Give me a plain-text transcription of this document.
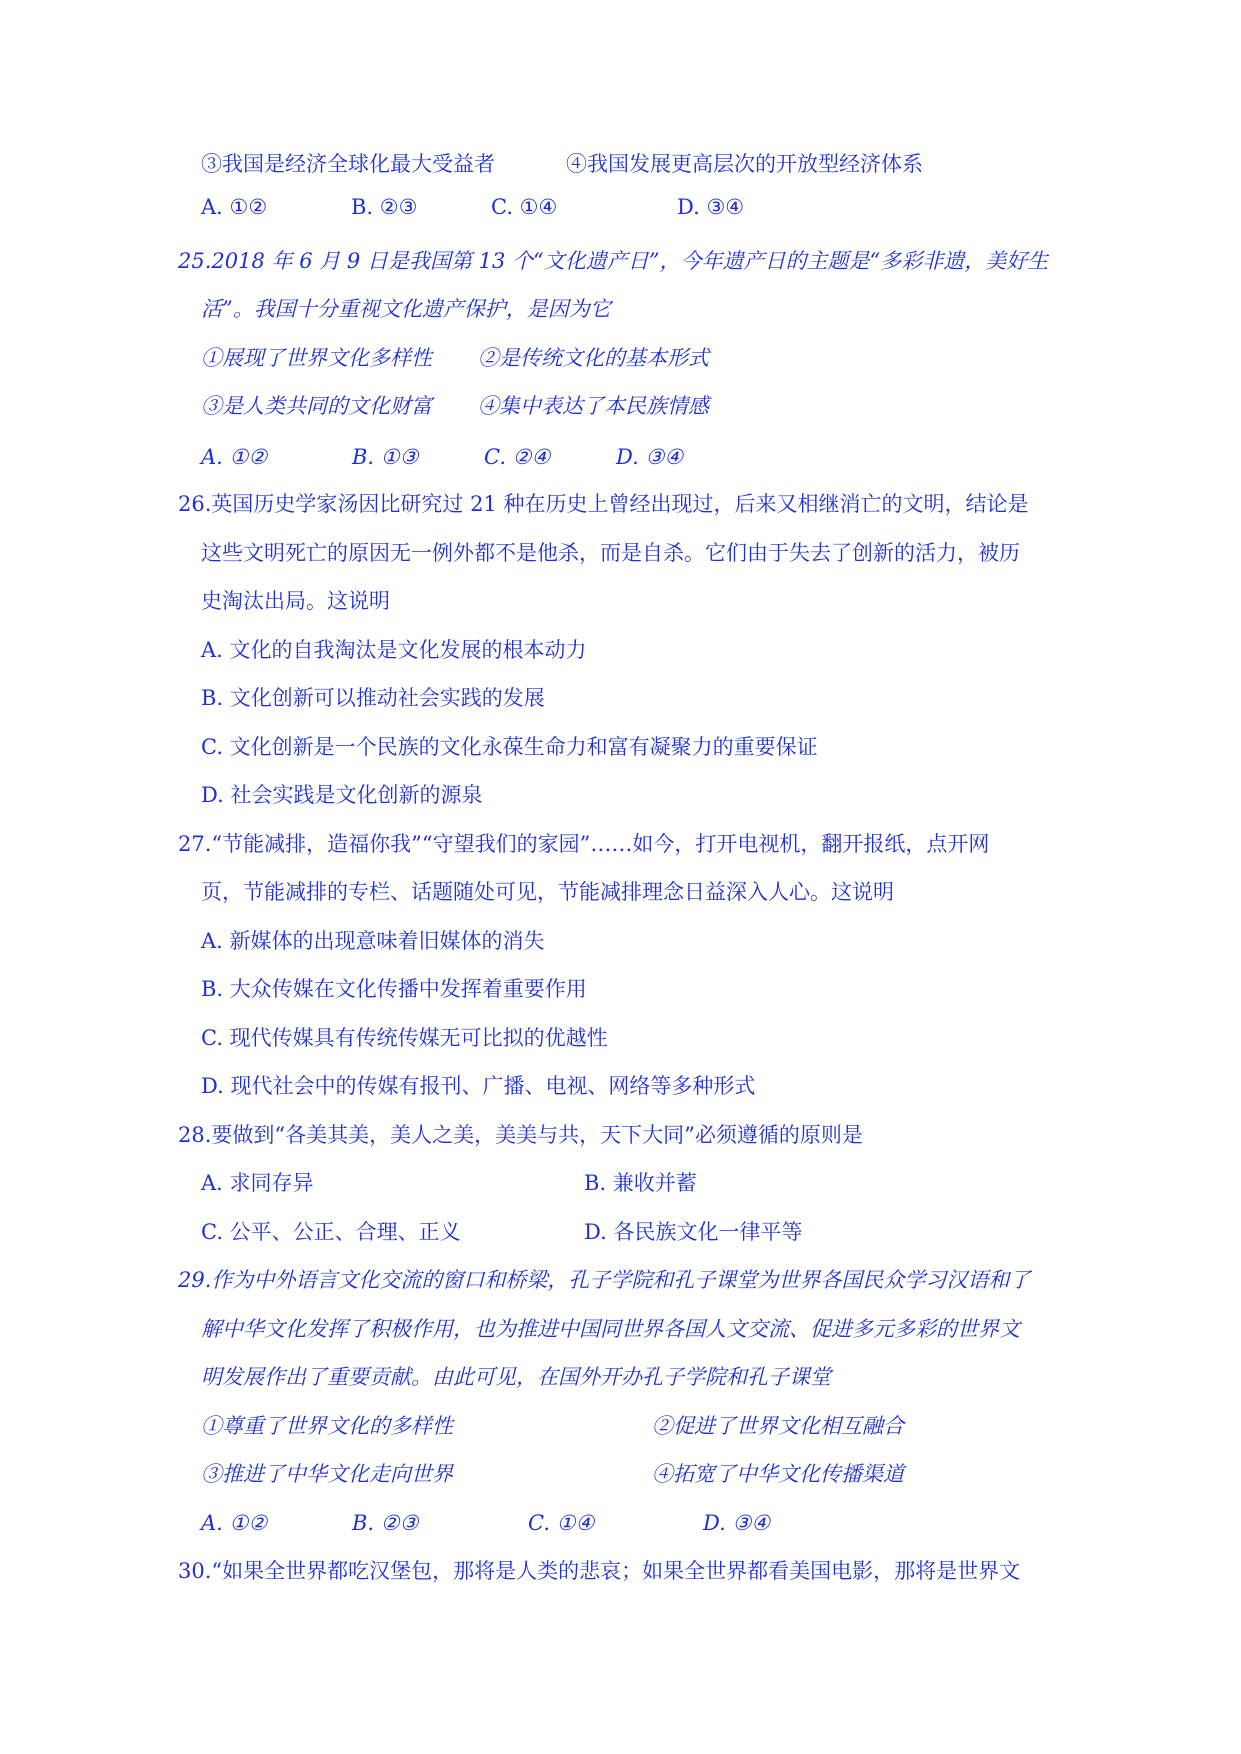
③我国是经济全球化最大受益者	④我国发展更高层次的开放型经济体系
A. ①②	B. ②③	C. ①④	D. ③④
25.2018 年 6 月 9 日是我国第 13 个“文化遗产日”，今年遗产日的主题是“多彩非遗，美好生
活”。我国十分重视文化遗产保护，是因为它
①展现了世界文化多样性 ②是传统文化的基本形式
③是人类共同的文化财富 ④集中表达了本民族情感
A. ①②	B. ①③	C. ②④	D. ③④
26.英国历史学家汤因比研究过 21 种在历史上曾经出现过，后来又相继消亡的文明，结论是
这些文明死亡的原因无一例外都不是他杀，而是自杀。它们由于失去了创新的活力，被历
史淘汰出局。这说明
A. 文化的自我淘汰是文化发展的根本动力
B. 文化创新可以推动社会实践的发展
C. 文化创新是一个民族的文化永葆生命力和富有凝聚力的重要保证
D. 社会实践是文化创新的源泉
27.“节能减排，造福你我”“守望我们的家园”……如今，打开电视机，翻开报纸，点开网
页，节能减排的专栏、话题随处可见，节能减排理念日益深入人心。这说明
A. 新媒体的出现意味着旧媒体的消失
B. 大众传媒在文化传播中发挥着重要作用
C. 现代传媒具有传统传媒无可比拟的优越性
D. 现代社会中的传媒有报刊、广播、电视、网络等多种形式
28.要做到“各美其美，美人之美，美美与共，天下大同”必须遵循的原则是
A. 求同存异	B. 兼收并蓄
C. 公平、公正、合理、正义	D. 各民族文化一律平等
29.作为中外语言文化交流的窗口和桥梁，孔子学院和孔子课堂为世界各国民众学习汉语和了
解中华文化发挥了积极作用，也为推进中国同世界各国人文交流、促进多元多彩的世界文
明发展作出了重要贡献。由此可见，在国外开办孔子学院和孔子课堂
①尊重了世界文化的多样性	②促进了世界文化相互融合
③推进了中华文化走向世界	④拓宽了中华文化传播渠道
A. ①②	B. ②③	C. ①④	D. ③④
30.“如果全世界都吃汉堡包，那将是人类的悲哀；如果全世界都看美国电影，那将是世界文
